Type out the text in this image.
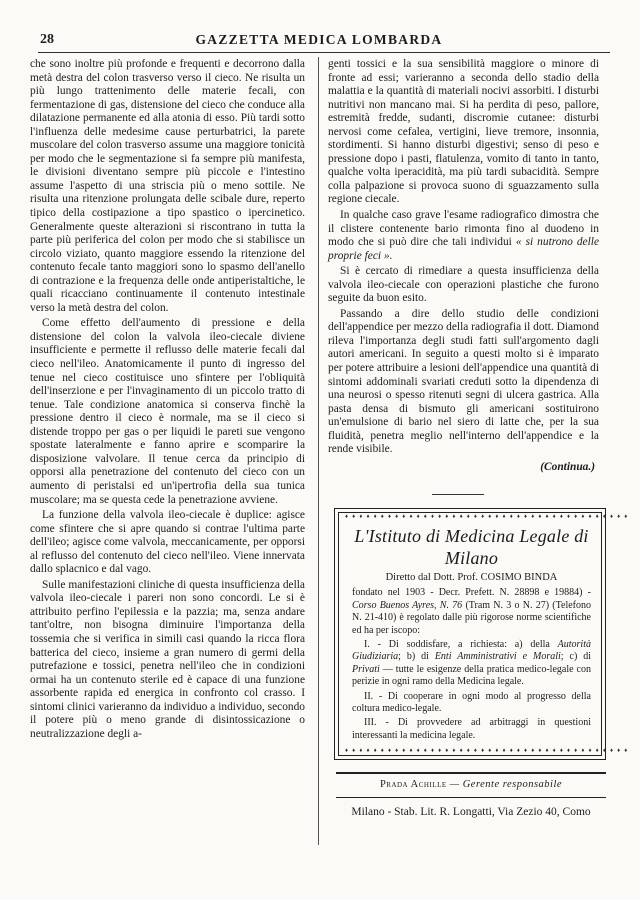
28	GAZZETTA MEDICA LOMBARDA

che sono inoltre più profonde e frequenti e decorrono dalla metà destra del colon trasverso verso il cieco. Ne risulta un più lungo trattenimento delle materie fecali, con fermentazione di gas, distensione del cieco che conduce alla dilatazione permanente ed alla atonia di esso. Più tardi sotto l'influenza delle medesime cause perturbatrici, la parete muscolare del colon trasverso assume una maggiore tonicità per modo che le segmentazione si fa sempre più manifesta, le divisioni diventano sempre più piccole e l'intestino assume l'aspetto di una striscia più o meno sottile. Ne risulta una ritenzione prolungata delle scibale dure, reperto tipico della costipazione a tipo spastico o ipercinetico. Generalmente queste alterazioni si riscontrano in tutta la parte più periferica del colon per modo che si stabilisce un circolo viziato, quanto maggiore essendo la ritenzione del contenuto fecale tanto maggiori sono lo spasmo dell'anello di contrazione e la frequenza delle onde antiperistaltiche, le quali ricacciano continuamente il contenuto intestinale verso la metà destra del colon.

Come effetto dell'aumento di pressione e della distensione del colon la valvola ileo-ciecale diviene insufficiente e permette il reflusso delle materie fecali dal cieco nell'ileo. Anatomicamente il punto di ingresso del tenue nel cieco costituisce uno sfintere per l'obliquità dell'inserzione e per l'invaginamento di un piccolo tratto di tenue. Tale condizione anatomica si conserva finchè la pressione dentro il cieco è normale, ma se il cieco si distende troppo per gas o per liquidi le pareti sue vengono spostate lateralmente e fanno aprire e scomparire la disposizione valvolare. Il tenue cerca da principio di opporsi alla penetrazione del contenuto del cieco con un aumento di peristalsi ed un'ipertrofia della sua tunica muscolare; ma se questa cede la penetrazione avviene.

La funzione della valvola ileo-ciecale è duplice: agisce come sfintere che si apre quando si contrae l'ultima parte dell'ileo; agisce come valvola, meccanicamente, per opporsi al reflusso del contenuto del cieco nell'ileo. Viene innervata dallo splacnico e dal vago.

Sulle manifestazioni cliniche di questa insufficienza della valvola ileo-ciecale i pareri non sono concordi. Le si è attribuito perfino l'epilessia e la pazzia; ma, senza andare tant'oltre, non bisogna diminuire l'importanza della tossemia che si verifica in simili casi quando la ricca flora batterica del cieco, insieme a gran numero di germi della putrefazione e tossici, penetra nell'ileo che in condizioni ormai ha un contenuto sterile ed è capace di una funzione assorbente rapida ed energica in confronto col crasso. I sintomi clinici varieranno da individuo a individuo, secondo il potere più o meno grande di disintossicazione o neutralizzazione degli a-

genti tossici e la sua sensibilità maggiore o minore di fronte ad essi; varieranno a seconda dello stadio della malattia e la quantità di materiali nocivi assorbiti. I disturbi nutritivi non mancano mai. Si ha perdita di peso, pallore, estremità fredde, sudanti, discromie cutanee: disturbi nervosi come cefalea, vertigini, lieve tremore, insonnia, stordimenti. Si hanno disturbi digestivi; senso di peso e pressione dopo i pasti, flatulenza, vomito di tanto in tanto, qualche volta iperacidità, ma più tardi subacidità. Sempre colla palpazione si provoca suono di sguazzamento sulla regione ciecale.

In qualche caso grave l'esame radiografico dimostra che il clistere contenente bario rimonta fino al duodeno in modo che si può dire che tali individui « si nutrono delle proprie feci ».

Si è cercato di rimediare a questa insufficienza della valvola ileo-ciecale con operazioni plastiche che furono seguite da buon esito.

Passando a dire dello studio delle condizioni dell'appendice per mezzo della radiografia il dott. Diamond rileva l'importanza degli studi fatti sull'argomento dagli autori americani. In seguito a questi molto si è imparato per potere attribuire a lesioni dell'appendice una quantità di sintomi addominali svariati creduti sotto la dipendenza di una neurosi o spesso ritenuti segni di ulcera gastrica. Alla pasta densa di bismuto gli americani sostituirono un'emulsione di bario nel siero di latte che, per la sua fluidità, penetra meglio nell'interno dell'appendice e la rende visibile.

(Continua.)
♦ ♦ ♦ ♦ ♦ ♦ ♦ ♦ ♦ ♦ ♦ ♦ ♦ ♦ ♦ ♦ ♦ ♦ ♦ ♦ ♦ ♦ ♦ ♦ ♦ ♦ ♦ ♦ ♦ ♦ ♦ ♦ ♦ ♦ ♦ ♦ ♦ ♦ ♦ ♦
L'Istituto di Medicina Legale di Milano
Diretto dal Dott. Prof. COSIMO BINDA
fondato nel 1903 - Decr. Prefett. N. 28898 e 19884) - Corso Buenos Ayres, N. 76 (Tram N. 3 o N. 27) (Telefono N. 21-410) è regolato dalle più rigorose norme scientifiche ed ha per iscopo:
I. - Di soddisfare, a richiesta: a) della Autorità Giudiziaria; b) di Enti Amministrativi e Morali; c) di Privati — tutte le esigenze della pratica medico-legale con perizie in ogni ramo della Medicina legale.
II. - Di cooperare in ogni modo al progresso della coltura medico-legale.
III. - Di provvedere ad arbitraggi in questioni interessanti la medicina legale.
♦ ♦ ♦ ♦ ♦ ♦ ♦ ♦ ♦ ♦ ♦ ♦ ♦ ♦ ♦ ♦ ♦ ♦ ♦ ♦ ♦ ♦ ♦ ♦ ♦ ♦ ♦ ♦ ♦ ♦ ♦ ♦ ♦ ♦ ♦ ♦ ♦ ♦ ♦ ♦
Prada Achille — Gerente responsabile
Milano - Stab. Lit. R. Longatti, Via Zezio 40, Como
